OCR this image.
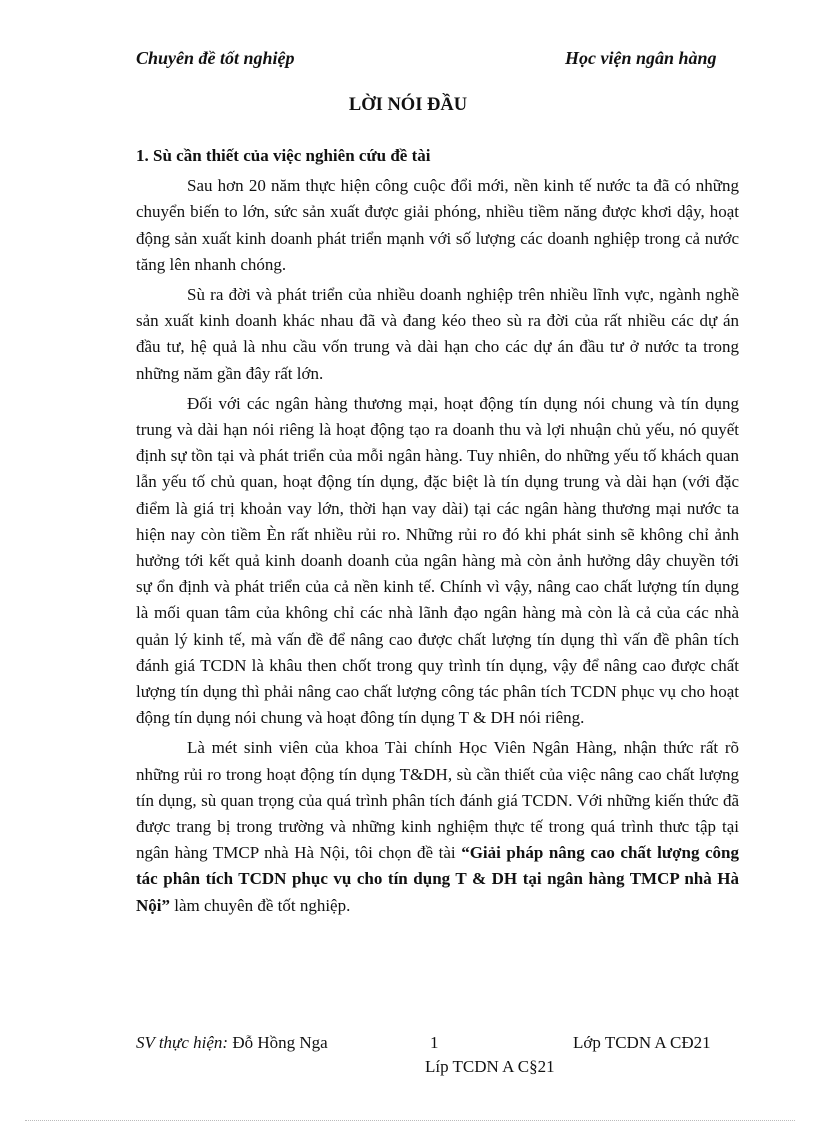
Chuyên đề tốt nghiệp	Học viện ngân hàng
LỜI NÓI ĐẦU

1. Sù cần thiết của việc nghiên cứu đề tài

Sau hơn 20 năm thực hiện công cuộc đổi mới, nền kinh tế nước ta đã có những chuyển biến to lớn, sức sản xuất được giải phóng, nhiều tiềm năng được khơi dậy, hoạt động sản xuất kinh doanh phát triển mạnh với số lượng các doanh nghiệp trong cả nước tăng lên nhanh chóng.

Sù ra đời và phát triển của nhiều doanh nghiệp trên nhiều lĩnh vực, ngành nghề sản xuất kinh doanh khác nhau đã và đang kéo theo sù ra đời của rất nhiều các dự án đầu tư, hệ quả là nhu cầu vốn trung và dài hạn cho các dự án đầu tư ở nước ta trong những năm gần đây rất lớn.

Đối với các ngân hàng thương mại, hoạt động tín dụng nói chung và tín dụng trung và dài hạn nói riêng là hoạt động tạo ra doanh thu và lợi nhuận chủ yếu, nó quyết định sự tồn tại và phát triển của mỗi ngân hàng. Tuy nhiên, do những yếu tố khách quan lẫn yếu tố chủ quan, hoạt động tín dụng, đặc biệt là tín dụng trung và dài hạn (với đặc điểm là giá trị khoản vay lớn, thời hạn vay dài) tại các ngân hàng thương mại nước ta hiện nay còn tiềm Èn rất nhiều rủi ro. Những rủi ro đó khi phát sinh sẽ không chỉ ảnh hưởng tới kết quả kinh doanh doanh của ngân hàng mà còn ảnh hưởng dây chuyền tới sự ổn định và phát triển của cả nền kinh tế. Chính vì vậy, nâng cao chất lượng tín dụng là mối quan tâm của không chỉ các nhà lãnh đạo ngân hàng mà còn là cả của các nhà quản lý kinh tế, mà vấn đề để nâng cao được chất lượng tín dụng thì vấn đề phân tích đánh giá TCDN là khâu then chốt trong quy trình tín dụng, vậy để nâng cao được chất lượng tín dụng thì phải nâng cao chất lượng công tác phân tích TCDN phục vụ cho hoạt động tín dụng nói chung và hoạt đông tín dụng T & DH nói riêng.

Là mét sinh viên của khoa Tài chính Học Viên Ngân Hàng, nhận thức rất rõ những rủi ro trong hoạt động tín dụng T&DH, sù cần thiết của việc nâng cao chất lượng tín dụng, sù quan trọng của quá trình phân tích đánh giá TCDN. Với những kiến thức đã được trang bị trong trường và những kinh nghiệm thực tế trong quá trình thưc tập tại ngân hàng TMCP nhà Hà Nội, tôi chọn đề tài “Giải pháp nâng cao chất lượng công tác phân tích TCDN phục vụ cho tín dụng T & DH tại ngân hàng TMCP nhà Hà Nội” làm chuyên đề tốt nghiệp.

SV thực hiện: Đỗ Hồng Nga	1	Lớp TCDN A CĐ21
Líp TCDN A C§21
